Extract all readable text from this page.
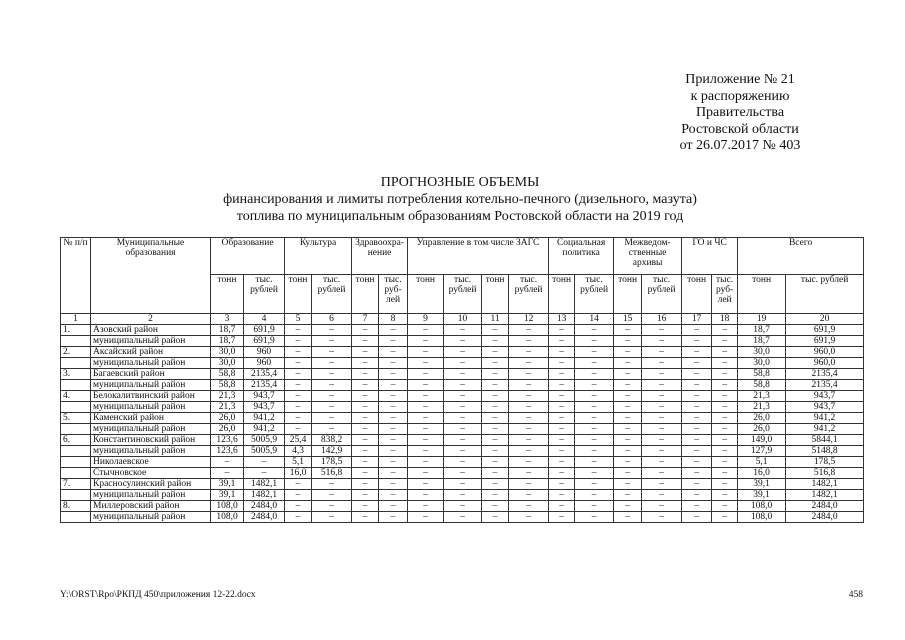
Приложение № 21
к распоряжению
Правительства
Ростовской области
от 26.07.2017 № 403
ПРОГНОЗНЫЕ ОБЪЕМЫ
финансирования и лимиты потребления котельно-печного (дизельного, мазута)
топлива по муниципальным образованиям Ростовской области на 2019 год
№ п/п	Муниципальные образования	Образование		Культура		Здравоохра-нение		Управление в том числе ЗАГС				Социальная политика		Межведом-ственные архивы		ГО и ЧС		Всего	
		тонн	тыс. рублей	тонн	тыс. рублей	тонн	тыс. руб-лей	тонн	тыс. рублей	тонн	тыс. рублей	тонн	тыс. рублей	тонн	тыс. рублей	тонн	тыс. руб-лей	тонн	тыс. рублей
1	2	3	4	5	6	7	8	9	10	11	12	13	14	15	16	17	18	19	20
1.	Азовский район	18,7	691,9	–	–	–	–	–	–	–	–	–	–	–	–	–	–	18,7	691,9
	муниципальный район	18,7	691,9	–	–	–	–	–	–	–	–	–	–	–	–	–	–	18,7	691,9
2.	Аксайский район	30,0	960	–	–	–	–	–	–	–	–	–	–	–	–	–	–	30,0	960,0
	муниципальный район	30,0	960	–	–	–	–	–	–	–	–	–	–	–	–	–	–	30,0	960,0
3.	Багаевский район	58,8	2135,4	–	–	–	–	–	–	–	–	–	–	–	–	–	–	58,8	2135,4
	муниципальный район	58,8	2135,4	–	–	–	–	–	–	–	–	–	–	–	–	–	–	58,8	2135,4
4.	Белокалитвинский район	21,3	943,7	–	–	–	–	–	–	–	–	–	–	–	–	–	–	21,3	943,7
	муниципальный район	21,3	943,7	–	–	–	–	–	–	–	–	–	–	–	–	–	–	21,3	943,7
5.	Каменский район	26,0	941,2	–	–	–	–	–	–	–	–	–	–	–	–	–	–	26,0	941,2
	муниципальный район	26,0	941,2	–	–	–	–	–	–	–	–	–	–	–	–	–	–	26,0	941,2
6.	Константиновский район	123,6	5005,9	25,4	838,2	–	–	–	–	–	–	–	–	–	–	–	–	149,0	5844,1
	муниципальный район	123,6	5005,9	4,3	142,9	–	–	–	–	–	–	–	–	–	–	–	–	127,9	5148,8
	Николаевское	–	–	5,1	178,5	–	–	–	–	–	–	–	–	–	–	–	–	5,1	178,5
	Стычновское	–	–	16,0	516,8	–	–	–	–	–	–	–	–	–	–	–	–	16,0	516,8
7.	Красносулинский район	39,1	1482,1	–	–	–	–	–	–	–	–	–	–	–	–	–	–	39,1	1482,1
	муниципальный район	39,1	1482,1	–	–	–	–	–	–	–	–	–	–	–	–	–	–	39,1	1482,1
8.	Миллеровский район	108,0	2484,0	–	–	–	–	–	–	–	–	–	–	–	–	–	–	108,0	2484,0
	муниципальный район	108,0	2484,0	–	–	–	–	–	–	–	–	–	–	–	–	–	–	108,0	2484,0
Y:\ORST\Rpo\РКПД 450\приложения 12-22.docx	458
